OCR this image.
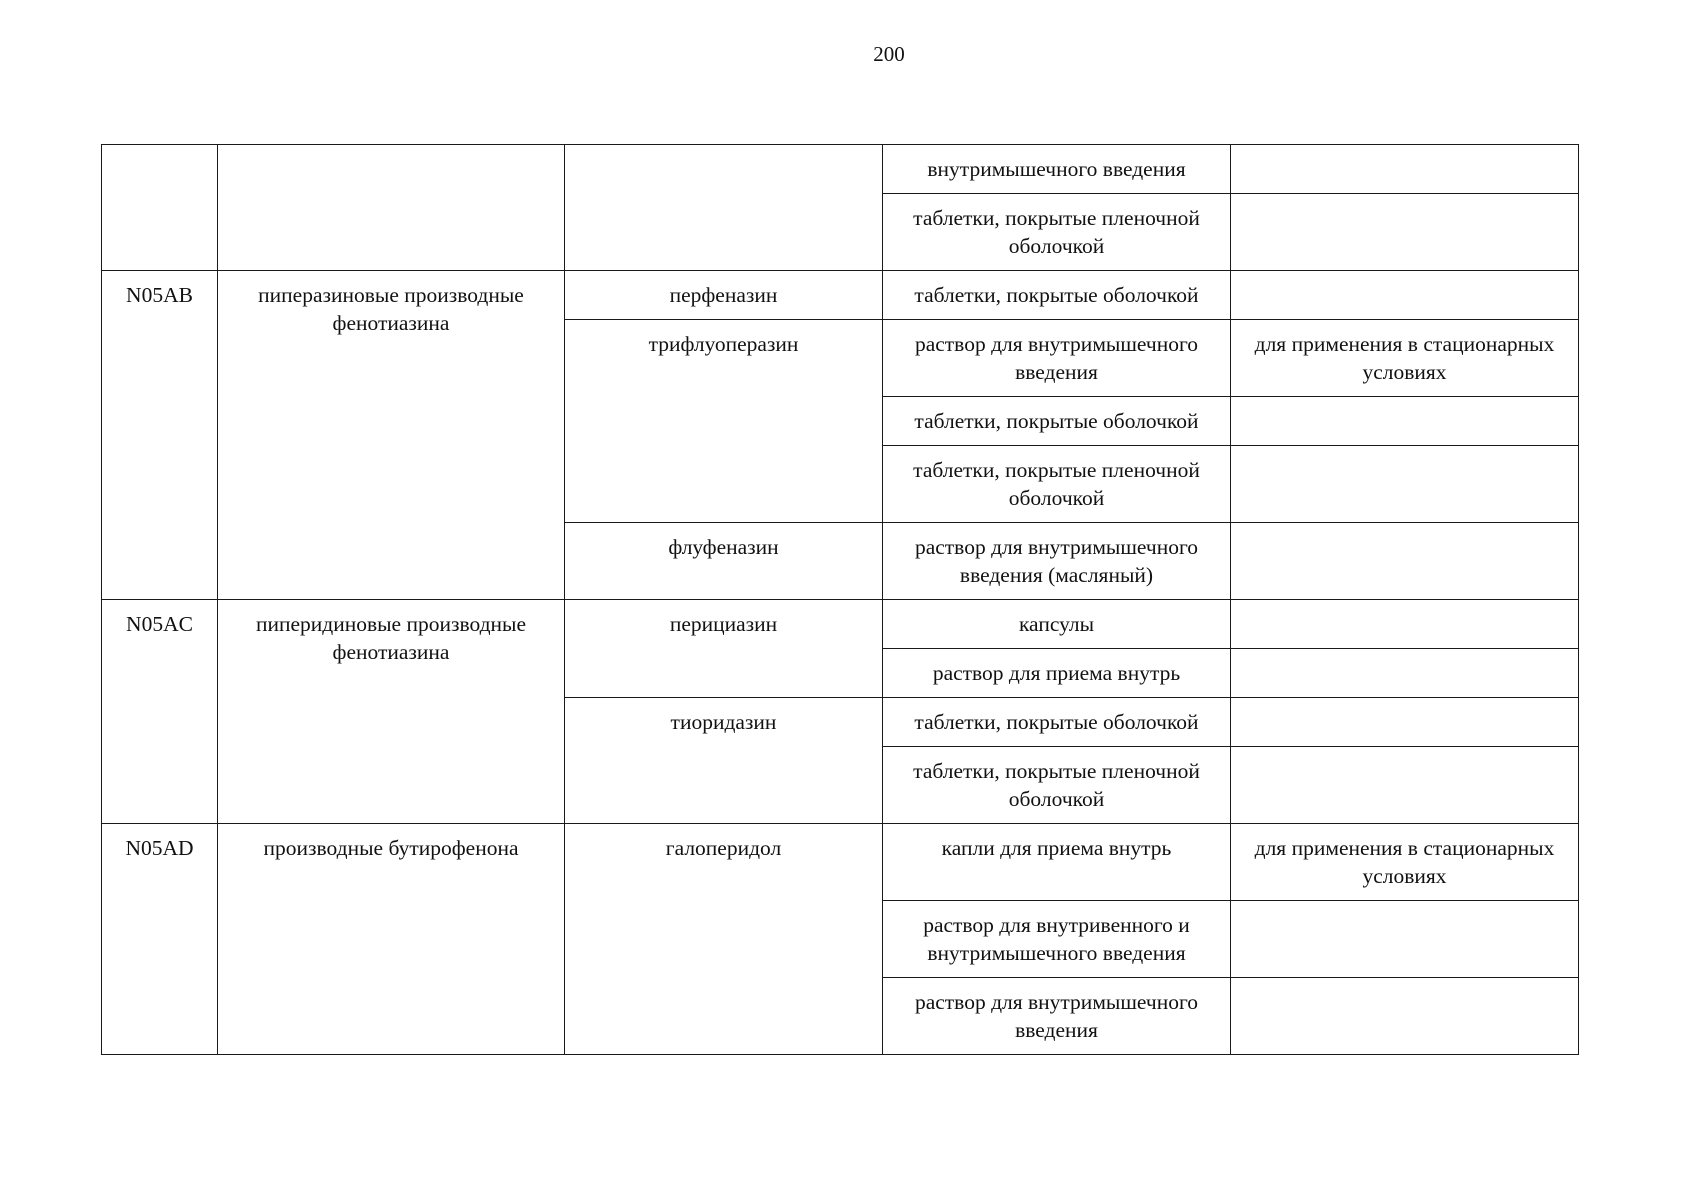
200
			внутримышечного введения	
			таблетки, покрытые пленочной оболочкой	
N05AB	пиперазиновые производные фенотиазина	перфеназин	таблетки, покрытые оболочкой	
		трифлуоперазин	раствор для внутримышечного введения	для применения в стационарных условиях
			таблетки, покрытые оболочкой	
			таблетки, покрытые пленочной оболочкой	
		флуфеназин	раствор для внутримышечного введения (масляный)	
N05AC	пиперидиновые производные фенотиазина	перициазин	капсулы	
			раствор для приема внутрь	
		тиоридазин	таблетки, покрытые оболочкой	
			таблетки, покрытые пленочной оболочкой	
N05AD	производные бутирофенона	галоперидол	капли для приема внутрь	для применения в стационарных условиях
			раствор для внутривенного и внутримышечного введения	
			раствор для внутримышечного введения	
